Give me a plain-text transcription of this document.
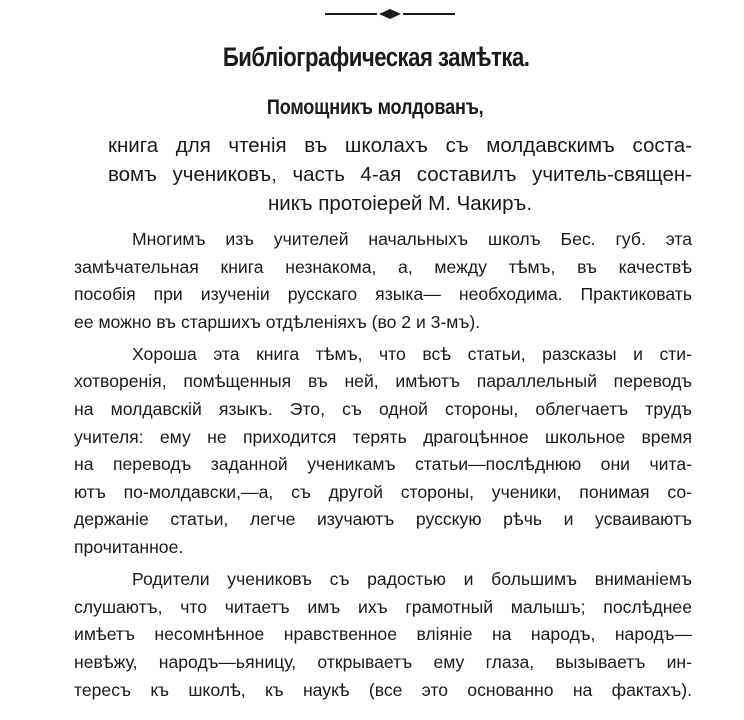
Библіографическая замѣтка.
Помощникъ молдованъ,
книга для чтенія въ школахъ съ молдавскимъ соста-
вомъ учениковъ, часть 4-ая составилъ учитель-священ-
никъ протоіерей М. Чакиръ.

Многимъ изъ учителей начальныхъ школъ Бес. губ. эта
замѣчательная книга незнакома, а, между тѣмъ, въ качествѣ
пособія при изученіи русскаго языка— необходима. Практиковать
ее можно въ старшихъ отдѣленіяхъ (во 2 и 3-мъ).

Хороша эта книга тѣмъ, что всѣ статьи, разсказы и сти-
хотворенія, помѣщенныя въ ней, имѣютъ параллельный переводъ
на молдавскій языкъ. Это, съ одной стороны, облегчаетъ трудъ
учителя: ему не приходится терять драгоцѣнное школьное время
на переводъ заданной ученикамъ статьи—послѣднюю они чита-
ютъ по-молдавски,—а, съ другой стороны, ученики, понимая со-
держаніе статьи, легче изучаютъ русскую рѣчь и усваиваютъ
прочитанное.

Родители учениковъ съ радостью и большимъ вниманіемъ
слушаютъ, что читаетъ имъ ихъ грамотный малышъ; послѣднее
имѣетъ несомнѣнное нравственное вліяніе на народъ, народъ—
невѣжу, народъ—ьяницу, открываетъ ему глаза, вызываетъ ин-
тересъ къ школѣ, къ наукѣ (все это основанно на фактахъ).
